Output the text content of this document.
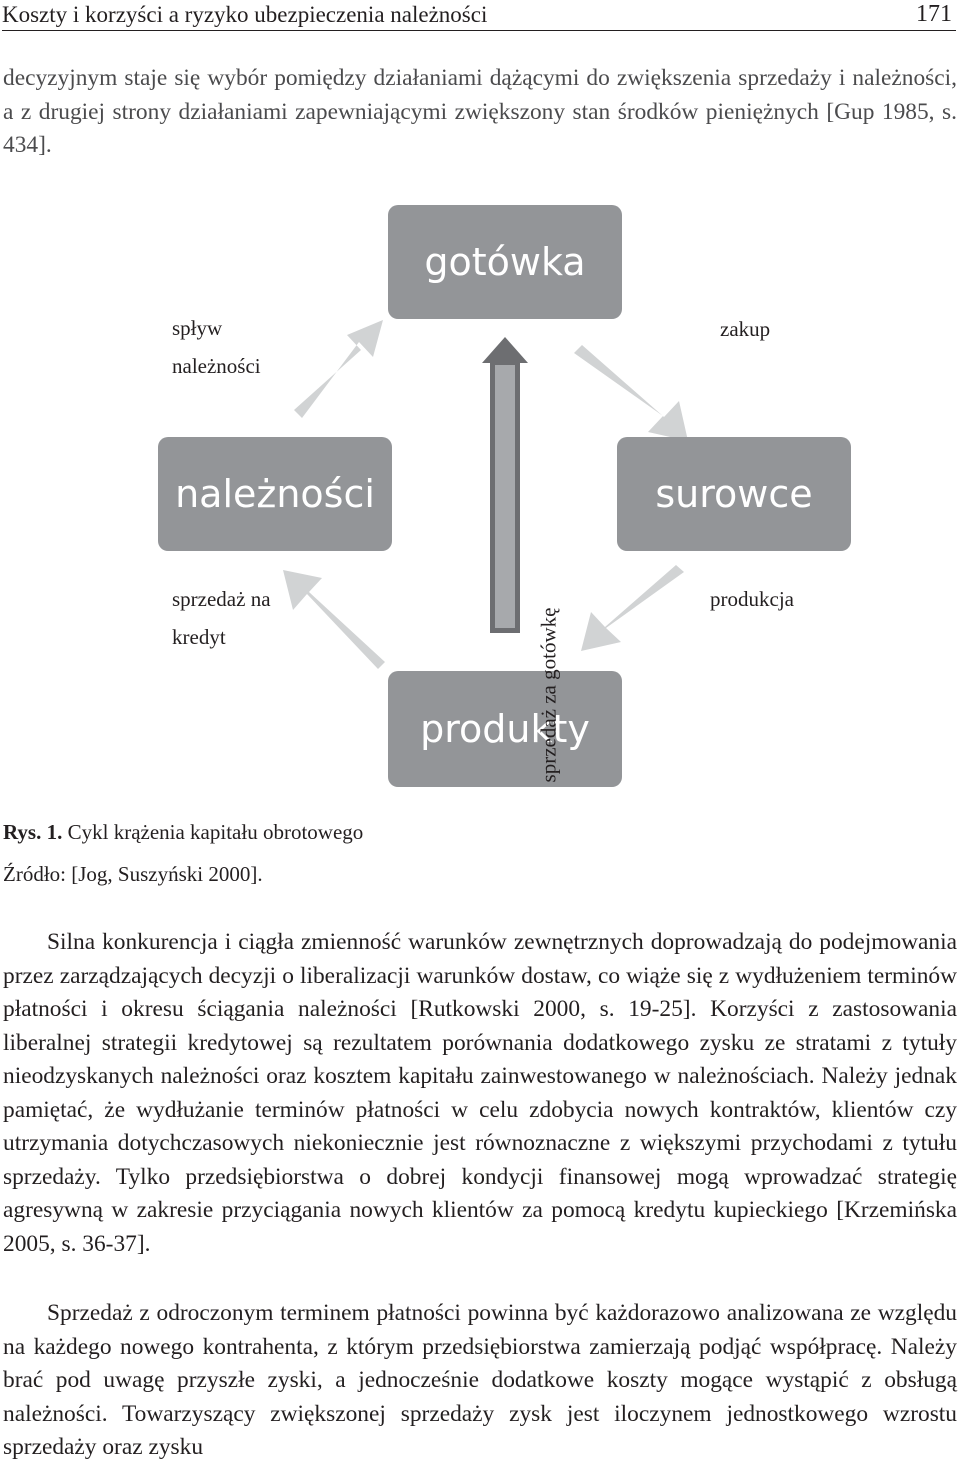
Koszty i korzyści a ryzyko ubezpieczenia należności	171

decyzyjnym staje się wybór pomiędzy działaniami dążącymi do zwiększenia sprzedaży i należności, a z drugiej strony działaniami zapewniającymi zwiększony stan środków pieniężnych [Gup 1985, s. 434].

gotówka
należności	surowce
produkty
spływ
należności
zakup
sprzedaż na
kredyt
produkcja
sprzedaż za gotówkę
Rys. 1. Cykl krążenia kapitału obrotowego
Źródło: [Jog, Suszyński 2000].

Silna konkurencja i ciągła zmienność warunków zewnętrznych doprowadzają do podejmowania przez zarządzających decyzji o liberalizacji warunków dostaw, co wiąże się z wydłużeniem terminów płatności i okresu ściągania należności [Rutkowski 2000, s. 19-25]. Korzyści z zastosowania liberalnej strategii kredytowej są rezultatem porównania dodatkowego zysku ze stratami z tytuły nieodzyskanych należności oraz kosztem kapitału zainwestowanego w należnościach. Należy jednak pamiętać, że wydłużanie terminów płatności w celu zdobycia nowych kontraktów, klientów czy utrzymania dotychczasowych niekoniecznie jest równoznaczne z większymi przychodami z tytułu sprzedaży. Tylko przedsiębiorstwa o dobrej kondycji finansowej mogą wprowadzać strategię agresywną w zakresie przyciągania nowych klientów za pomocą kredytu kupieckiego [Krzemińska 2005, s. 36-37].

Sprzedaż z odroczonym terminem płatności powinna być każdorazowo analizowana ze względu na każdego nowego kontrahenta, z którym przedsiębiorstwa zamierzają podjąć współpracę. Należy brać pod uwagę przyszłe zyski, a jednocześnie dodatkowe koszty mogące wystąpić z obsługą należności. Towarzyszący zwiększonej sprzedaży zysk jest iloczynem jednostkowego wzrostu sprzedaży oraz zysku
